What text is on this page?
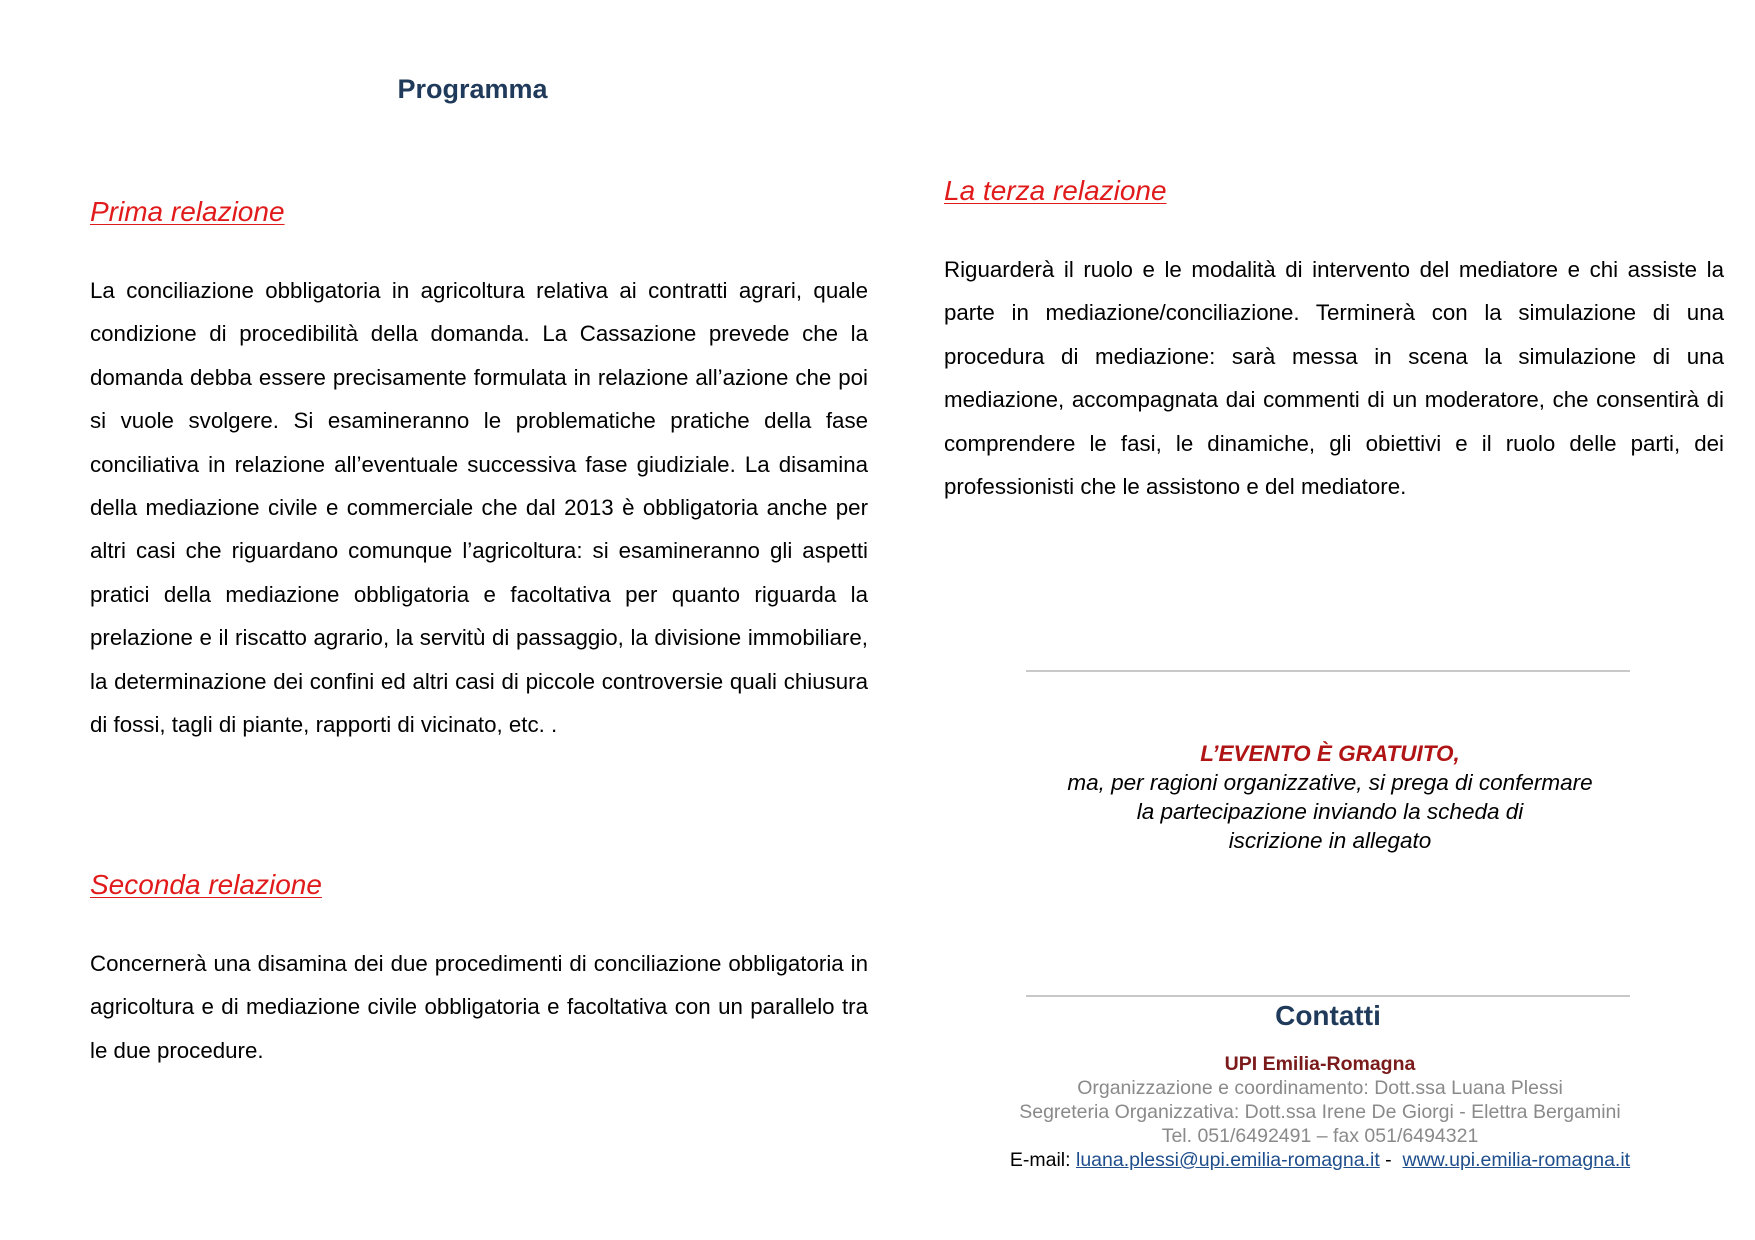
Programma
Prima relazione
La conciliazione obbligatoria in agricoltura relativa ai contratti agrari, quale condizione di procedibilità della domanda. La Cassazione prevede che la domanda debba essere precisamente formulata in relazione all’azione che poi si vuole svolgere. Si esamineranno le problematiche pratiche della fase conciliativa in relazione all’eventuale successiva fase giudiziale. La disamina della mediazione civile e commerciale che dal 2013 è obbligatoria anche per altri casi che riguardano comunque l’agricoltura: si esamineranno gli aspetti pratici della mediazione obbligatoria e facoltativa per quanto riguarda la prelazione e il riscatto agrario, la servitù di passaggio, la divisione immobiliare, la determinazione dei confini ed altri casi di piccole controversie quali chiusura di fossi, tagli di piante, rapporti di vicinato, etc. .
Seconda relazione
Concernerà una disamina dei due procedimenti di conciliazione obbligatoria in agricoltura e di mediazione civile obbligatoria e facoltativa con un parallelo tra le due procedure.
La terza relazione
Riguarderà il ruolo e le modalità di intervento del mediatore e chi assiste la parte in mediazione/conciliazione. Terminerà con la simulazione di una procedura di mediazione: sarà messa in scena la simulazione di una mediazione, accompagnata dai commenti di un moderatore, che consentirà di comprendere le fasi, le dinamiche, gli obiettivi e il ruolo delle parti, dei professionisti che le assistono e del mediatore.
L’EVENTO È GRATUITO,
ma, per ragioni organizzative, si prega di confermare
la partecipazione inviando la scheda di
iscrizione in allegato
Contatti
UPI Emilia-Romagna
Organizzazione e coordinamento: Dott.ssa Luana Plessi
Segreteria Organizzativa: Dott.ssa Irene De Giorgi - Elettra Bergamini
Tel. 051/6492491 – fax 051/6494321
E-mail: luana.plessi@upi.emilia-romagna.it -  www.upi.emilia-romagna.it
